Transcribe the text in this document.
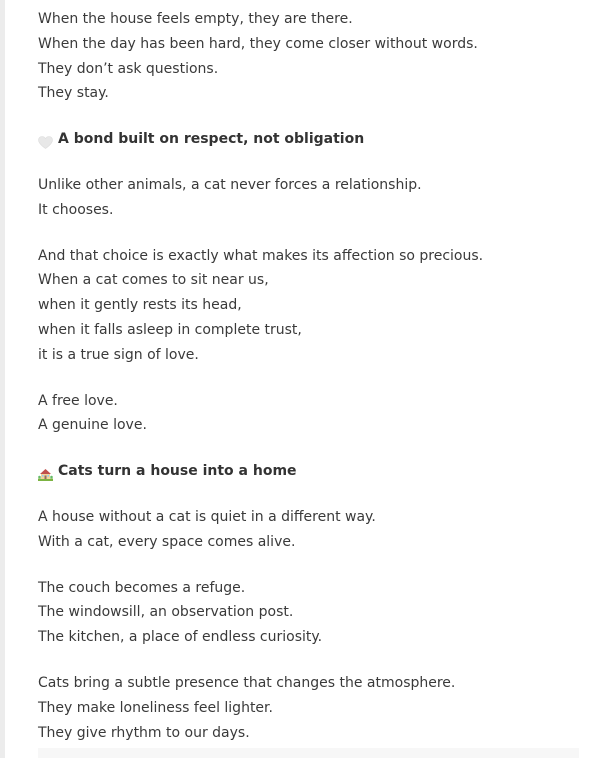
When the house feels empty, they are there.
When the day has been hard, they come closer without words.
They don’t ask questions.
They stay.
A bond built on respect, not obligation
Unlike other animals, a cat never forces a relationship.
It chooses.
And that choice is exactly what makes its affection so precious.
When a cat comes to sit near us,
when it gently rests its head,
when it falls asleep in complete trust,
it is a true sign of love.
A free love.
A genuine love.
Cats turn a house into a home
A house without a cat is quiet in a different way.
With a cat, every space comes alive.
The couch becomes a refuge.
The windowsill, an observation post.
The kitchen, a place of endless curiosity.
Cats bring a subtle presence that changes the atmosphere.
They make loneliness feel lighter.
They give rhythm to our days.
